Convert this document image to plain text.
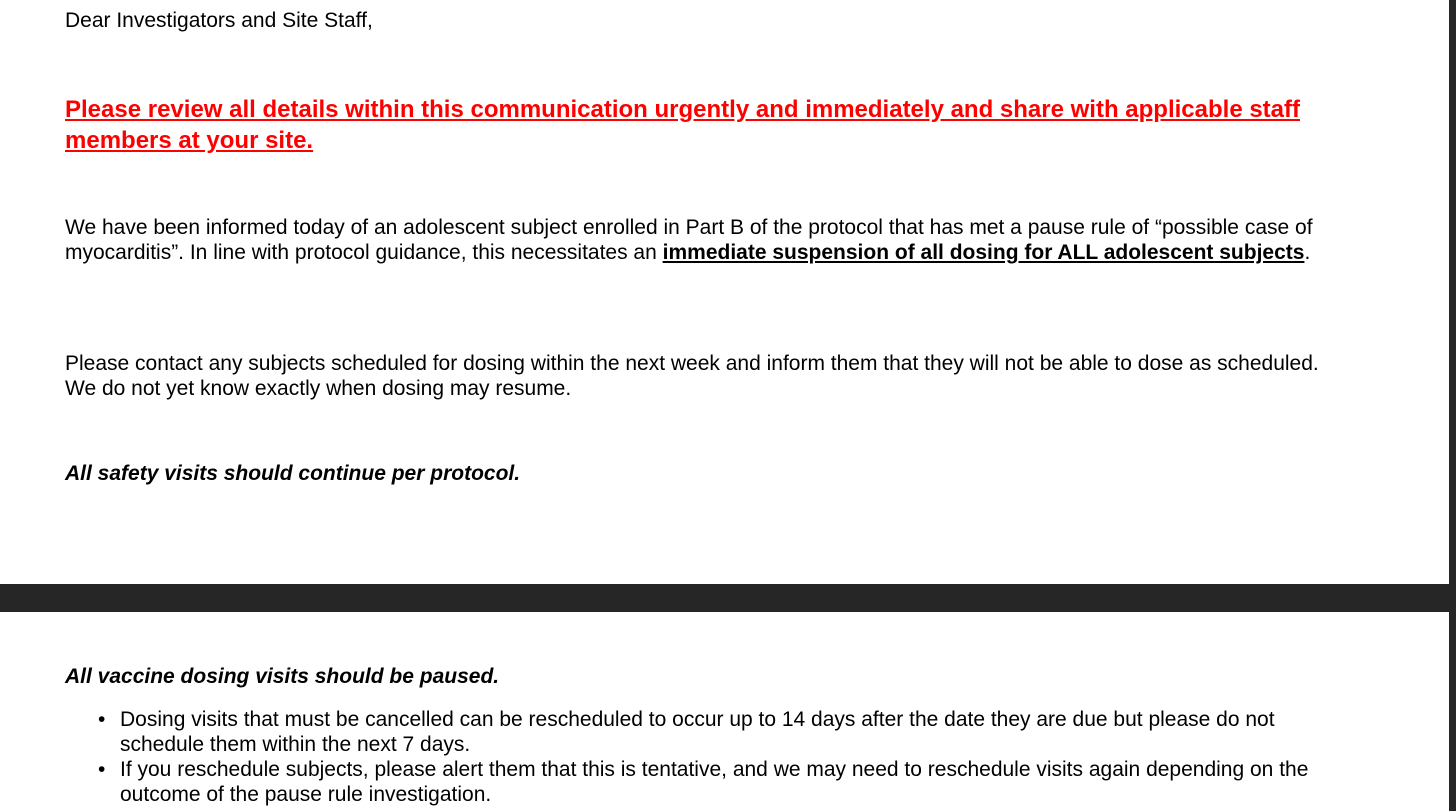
Dear Investigators and Site Staff,

Please review all details within this communication urgently and immediately and share with applicable staff members at your site.

We have been informed today of an adolescent subject enrolled in Part B of the protocol that has met a pause rule of “possible case of myocarditis”. In line with protocol guidance, this necessitates an immediate suspension of all dosing for ALL adolescent subjects.

Please contact any subjects scheduled for dosing within the next week and inform them that they will not be able to dose as scheduled. We do not yet know exactly when dosing may resume.

All safety visits should continue per protocol.

All vaccine dosing visits should be paused.

• Dosing visits that must be cancelled can be rescheduled to occur up to 14 days after the date they are due but please do not schedule them within the next 7 days.
• If you reschedule subjects, please alert them that this is tentative, and we may need to reschedule visits again depending on the outcome of the pause rule investigation.
